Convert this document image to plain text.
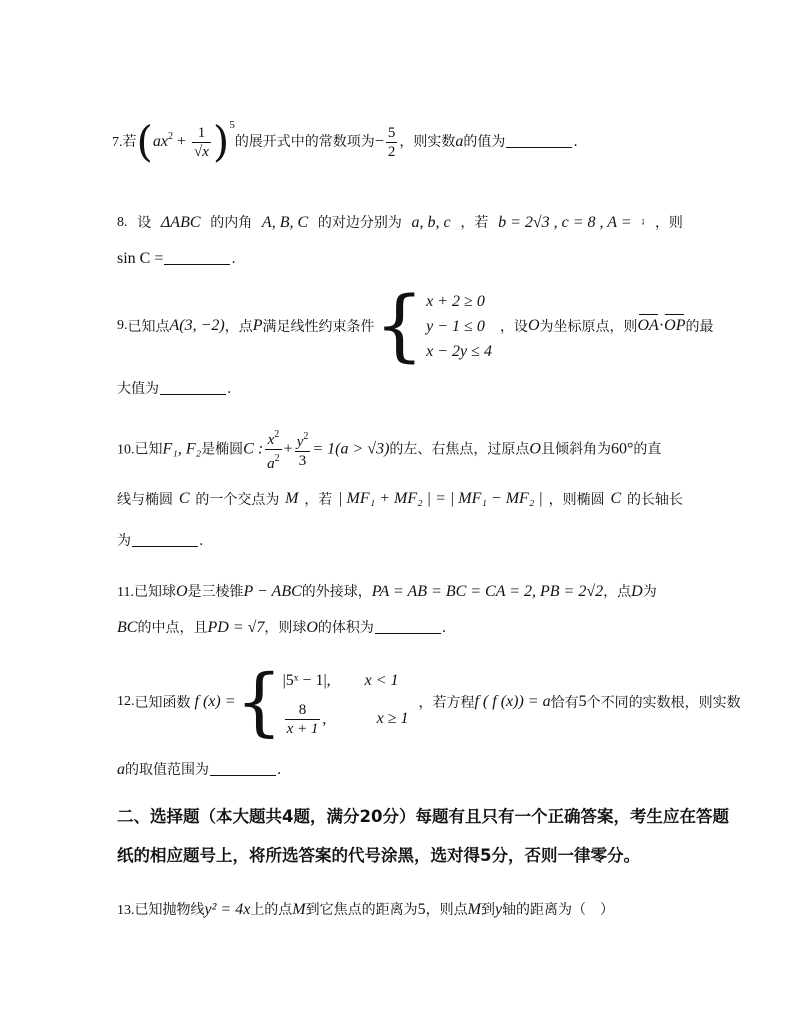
7.若$(ax^2 + \frac{1}{√x} )^5$的展开式中的常数项为− $\frac{5}{2}$ ，则实数a的值为	.
8. 设 ΔABC 的内角 A, B, C 的对边分别为 a, b, c ，若 b = 2√3 , c = 8 , A = ꜟ ，则
sin C =	.
9. 已知点 A(3, −2) ，点 P 满足线性约束条件 { x + 2 ≥ 0
y − 1 ≤ 0
x − 2y ≤ 4
，设 O 为坐标原点，则 OA · OP 的最
大值为	.
10.已知F₁, F₂是椭圆C : $\frac{x^2}{a^2} + \frac{y^2}{3} = 1(a > √3)$的左、右焦点，过原点O且倾斜角为60°的直
线与椭圆 C 的一个交点为 M ，若 | MF₁ + MF₂ | = | MF₁ − MF₂ | ，则椭圆 C 的长轴长
为	.
11.已知球O是三棱锥P − ABC的外接球，PA = AB = BC = CA = 2, PB = 2√2，点D为
BC的中点，且PD = √7，则球O的体积为	.
12. 已知函数 f (x) = { |5ˣ − 1|,	x < 1
$\frac{8}{x + 1}$ ,	x ≥ 1
，若方程 f ( f (x)) = a 恰有 5 个不同的实数根，则实数
a的取值范围为	.
二、选择题（本大题共4题，满分20分）每题有且只有一个正确答案，考生应在答题
纸的相应题号上，将所选答案的代号涂黑，选对得5分，否则一律零分。
13.已知抛物线y² = 4x上的点M到它焦点的距离为5，则点M到y轴的距离为（　）
